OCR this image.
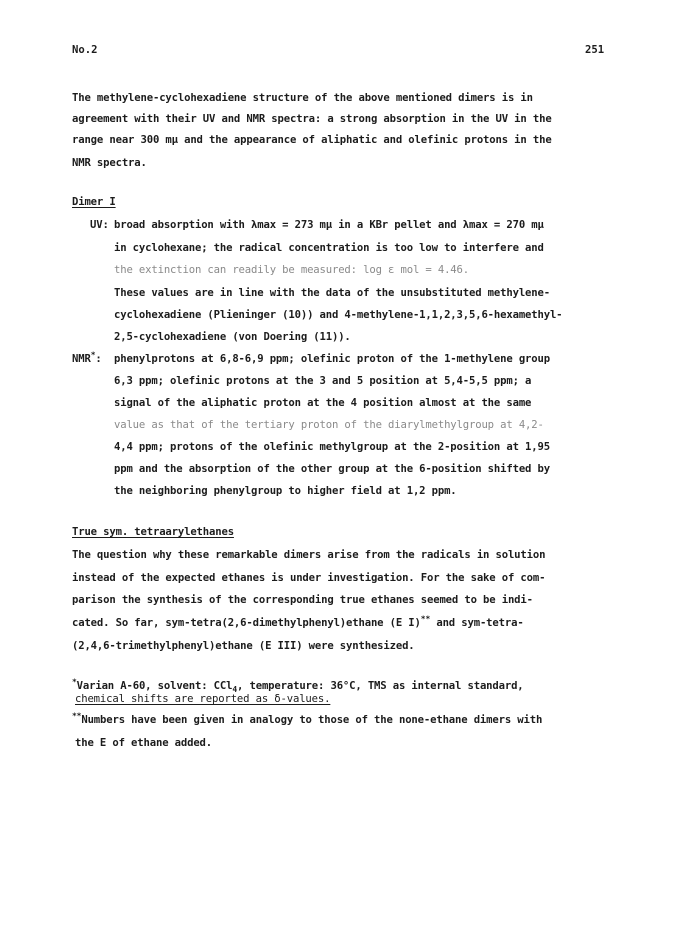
No.2	251
The methylene-cyclohexadiene structure of the above mentioned dimers is in
agreement with their UV and NMR spectra: a strong absorption in the UV in the
range near 300 mμ and the appearance of aliphatic and olefinic protons in the
NMR spectra.
Dimer I
UV: broad absorption with λmax = 273 mμ in a KBr pellet and λmax = 270 mμ
in cyclohexane; the radical concentration is too low to interfere and
the extinction can readily be measured: log ε mol = 4.46.
These values are in line with the data of the unsubstituted methylene-
cyclohexadiene (Plieninger (10)) and 4-methylene-1,1,2,3,5,6-hexamethyl-
2,5-cyclohexadiene (von Doering (11)).
NMR*: phenylprotons at 6,8-6,9 ppm; olefinic proton of the 1-methylene group
6,3 ppm; olefinic protons at the 3 and 5 position at 5,4-5,5 ppm; a
signal of the aliphatic proton at the 4 position almost at the same
value as that of the tertiary proton of the diarylmethylgroup at 4,2-
4,4 ppm; protons of the olefinic methylgroup at the 2-position at 1,95
ppm and the absorption of the other group at the 6-position shifted by
the neighboring phenylgroup to higher field at 1,2 ppm.
True sym. tetraarylethanes
The question why these remarkable dimers arise from the radicals in solution
instead of the expected ethanes is under investigation. For the sake of com-
parison the synthesis of the corresponding true ethanes seemed to be indi-
cated. So far, sym-tetra(2,6-dimethylphenyl)ethane (E I)** and sym-tetra-
(2,4,6-trimethylphenyl)ethane (E III) were synthesized.
*Varian A-60, solvent: CCl$_4$, temperature: 36°C, TMS as internal standard,
chemical shifts are reported as δ-values.
**Numbers have been given in analogy to those of the none-ethane dimers with
the E of ethane added.
